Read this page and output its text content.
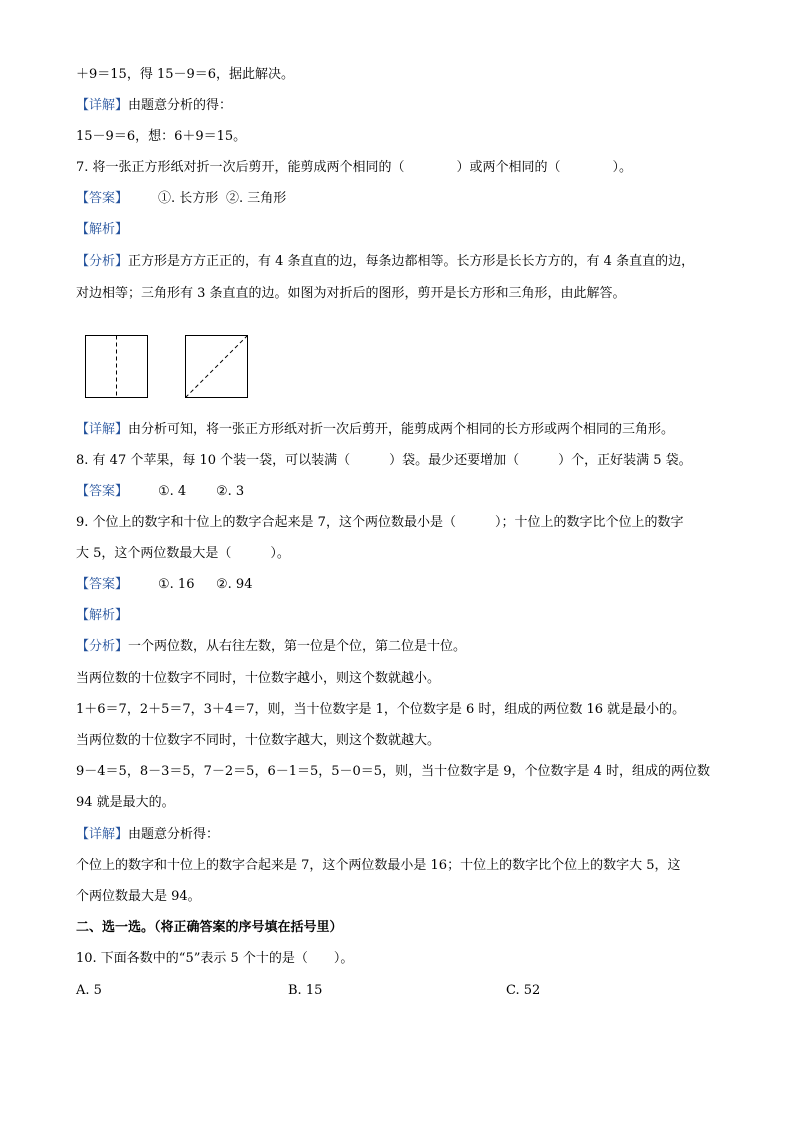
＋9＝15，得 15－9＝6，据此解决。
【详解】由题意分析的得：
15－9＝6，想：6＋9＝15。
7. 将一张正方形纸对折一次后剪开，能剪成两个相同的（　　　　）或两个相同的（　　　　）。
【答案】 ①. 长方形 ②. 三角形
【解析】
【分析】正方形是方方正正的，有 4 条直直的边，每条边都相等。长方形是长长方方的，有 4 条直直的边，
对边相等；三角形有 3 条直直的边。如图为对折后的图形，剪开是长方形和三角形，由此解答。
【详解】由分析可知，将一张正方形纸对折一次后剪开，能剪成两个相同的长方形或两个相同的三角形。
8. 有 47 个苹果，每 10 个装一袋，可以装满（　　　）袋。最少还要增加（　　　）个，正好装满 5 袋。
【答案】 ①. 4 ②. 3
9. 个位上的数字和十位上的数字合起来是 7，这个两位数最小是（　　　）；十位上的数字比个位上的数字
大 5，这个两位数最大是（　　　）。
【答案】 ①. 16 ②. 94
【解析】
【分析】一个两位数，从右往左数，第一位是个位，第二位是十位。
当两位数的十位数字不同时，十位数字越小，则这个数就越小。
1＋6＝7，2＋5＝7，3＋4＝7，则，当十位数字是 1，个位数字是 6 时，组成的两位数 16 就是最小的。
当两位数的十位数字不同时，十位数字越大，则这个数就越大。
9－4＝5，8－3＝5，7－2＝5，6－1＝5，5－0＝5，则，当十位数字是 9，个位数字是 4 时，组成的两位数
94 就是最大的。
【详解】由题意分析得：
个位上的数字和十位上的数字合起来是 7，这个两位数最小是 16；十位上的数字比个位上的数字大 5，这
个两位数最大是 94。
二、选一选。（将正确答案的序号填在括号里）
10. 下面各数中的“5”表示 5 个十的是（　　）。
A. 5	B. 15	C. 52
